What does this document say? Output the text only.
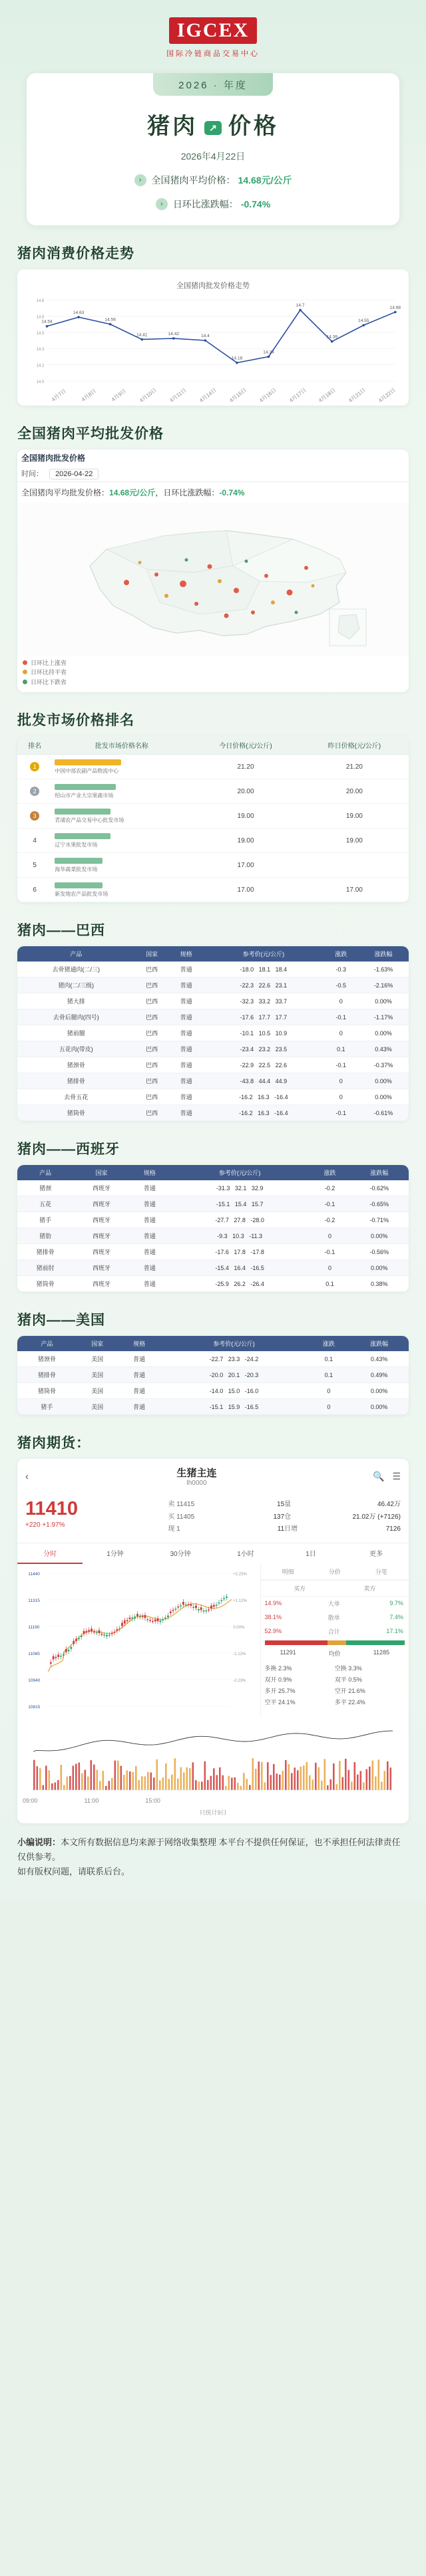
IGCEX
国际冷链商品交易中心
2026 · 年度
猪肉 ↗ 价格
2026年4月22日
›	全国猪肉平均价格： 14.68元/公斤
›	日环比涨跌幅： -0.74%
猪肉消费价格走势
全国猪肉批发价格走势
14.8
14.6
14.5
14.3
14.2
14.0
14.54
14.63
14.56
14.41	14.42	14.4
14.18
14.24
14.7
14.39
14.55
14.68
4月7日	4月8日	4月9日	4月10日	4月11日	4月14日	4月15日	4月16日	4月17日	4月18日	4月21日	4月22日
全国猪肉平均批发价格
全国猪肉批发价格
时间： 2026-04-22
全国猪肉平均批发价格：14.68元/公斤，日环比涨跌幅：-0.74%
日环比上涨省
日环比持平省
日环比下跌省
批发市场价格排名
排名	批发市场价格名称	今日价格(元/公斤)	昨日价格(元/公斤)
1	中国中部农副产品物流中心	21.20	21.20
2	绍山市产业大宗果蔬市场	20.00	20.00
3	青浦农产品交易中心批发市场	19.00	19.00
4	辽宁水果批发市场	19.00	19.00
5	海华蔬菜批发市场	17.00	
6	新发地农产品批发市场	17.00	17.00
猪肉——巴西
产品	国家	规格	参考价(元/公斤)	涨跌	涨跌幅
去骨猪通肉(二/三)	巴西	普通	-18.0   18.1   18.4	-0.3	-1.63%
猪肉(二/三级)	巴西	普通	-22.3   22.6   23.1	-0.5	-2.16%
猪大排	巴西	普通	-32.3   33.2   33.7	0	0.00%
去骨后腿肉(四号)	巴西	普通	-17.6   17.7   17.7	-0.1	-1.17%
猪前腿	巴西	普通	-10.1   10.5   10.9	0	0.00%
五花肉(带皮)	巴西	普通	-23.4   23.2   23.5	0.1	0.43%
猪颈骨	巴西	普通	-22.9   22.5   22.6	-0.1	-0.37%
猪排骨	巴西	普通	-43.8   44.4   44.9	0	0.00%
去骨五花	巴西	普通	-16.2   16.3   -16.4	0	0.00%
猪筒骨	巴西	普通	-16.2   16.3   -16.4	-0.1	-0.61%
猪肉——西班牙
产品	国家	规格	参考价(元/公斤)	涨跌	涨跌幅
猪颈	西班牙	普通	-31.3   32.1   32.9	-0.2	-0.62%
五花	西班牙	普通	-15.1   15.4   15.7	-0.1	-0.65%
猪手	西班牙	普通	-27.7   27.8   -28.0	-0.2	-0.71%
猪肋	西班牙	普通	-9.3   10.3   -11.3	0	0.00%
猪排骨	西班牙	普通	-17.6   17.8   -17.8	-0.1	-0.56%
猪前肘	西班牙	普通	-15.4   16.4   -16.5	0	0.00%
猪筒骨	西班牙	普通	-25.9   26.2   -26.4	0.1	0.38%
猪肉——美国
产品	国家	规格	参考价(元/公斤)	涨跌	涨跌幅
猪颈骨	美国	普通	-22.7   23.3   -24.2	0.1	0.43%
猪排骨	美国	普通	-20.0   20.1   -20.3	0.1	0.49%
猪筒骨	美国	普通	-14.0   15.0   -16.0	0	0.00%
猪手	美国	普通	-15.1   15.9   -16.5	0	0.00%
猪肉期货：
‹	生猪主连
lh0000
🔍 ☰
11410
+220 +1.97%
卖 11415	15
买 11405	137
现 1	11
量	46.42万
仓	21.02万 (+7126)
日增	7126
分时	1分钟	30分钟	1小时	1日	更多
11440	+2.23%
11315	+1.12%
11190	0.00%
11065	-1.12%
10940	-2.23%
10815
明细	分价	分笔
买方	卖方
14.9%	大单	9.7%
38.1%	散单	7.4%
52.9%	合计	17.1%
11291	均价	11285
多换 2.3%	空换 3.3%
双开 0.9%	双平 0.5%
多开 25.7%	空开 21.6%
空平 24.1%	多平 22.4%
09:00	11:00	15:00
只统计9日
小编说明：本文所有数据信息均来源于网络收集整理 本平台不提供任何保证，也不承担任何法律责任 仅供参考。
如有版权问题，请联系后台。
